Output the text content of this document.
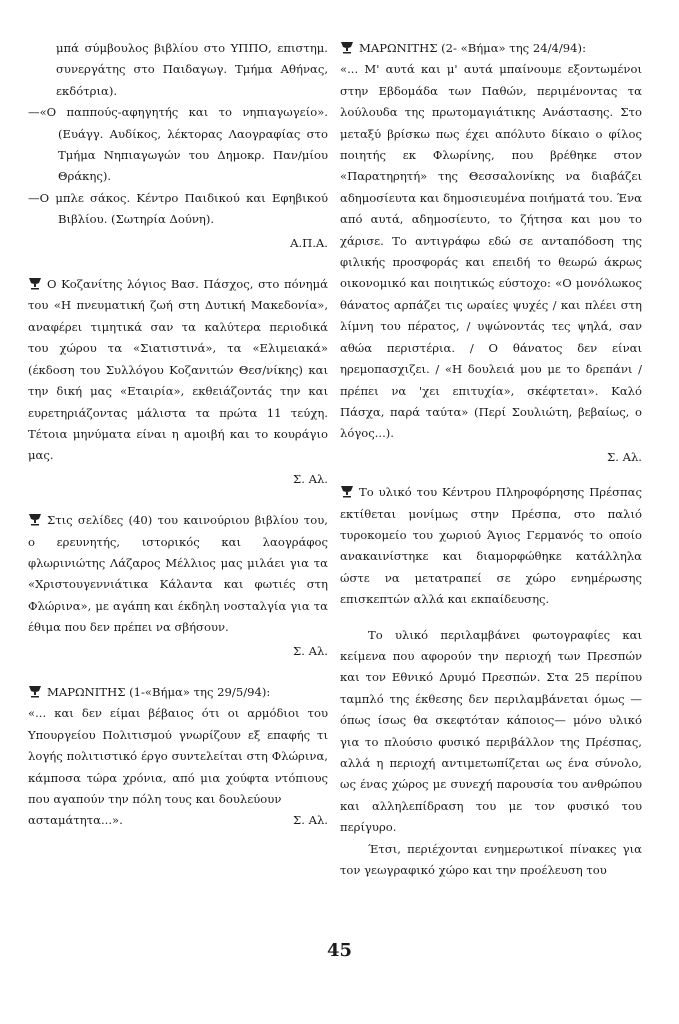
μπά σύμβουλος βιβλίου στο ΥΠΠΟ, επιστημ. συνεργάτης στο Παιδαγωγ. Τμήμα Αθήνας, εκδότρια).

—«Ο παππούς-αφηγητής και το νηπιαγωγείο». (Ευάγγ. Αυδίκος, λέκτορας Λαογραφίας στο Τμήμα Νηπιαγωγών του Δημοκρ. Παν/μίου Θράκης).

—Ο μπλε σάκος. Κέντρο Παιδικού και Εφηβικού Βιβλίου. (Σωτηρία Δούνη).

Α.Π.Α.

Ο Κοζανίτης λόγιος Βασ. Πάσχος, στο πόνημά του «Η πνευματική ζωή στη Δυτική Μακεδονία», αναφέρει τιμητικά σαν τα καλύτερα περιοδικά του χώρου τα «Σιατιστινά», τα «Ελιμειακά» (έκδοση του Συλλόγου Κοζανιτών Θεσ/νίκης) και την δική μας «Εταιρία», εκθειάζοντάς την και ευρετηριάζοντας μάλιστα τα πρώτα 11 τεύχη. Τέτοια μηνύματα είναι η αμοιβή και το κουράγιο μας.

Σ. Αλ.

Στις σελίδες (40) του καινούριου βιβλίου του, ο ερευνητής, ιστορικός και λαογράφος φλωρινιώτης Λάζαρος Μέλλιος μας μιλάει για τα «Χριστουγεννιάτικα Κάλαντα και φωτιές στη Φλώρινα», με αγάπη και έκδηλη νοσταλγία για τα έθιμα που δεν πρέπει να σβήσουν.

Σ. Αλ.

ΜΑΡΩΝΙΤΗΣ (1-«Βήμα» της 29/5/94):

«... και δεν είμαι βέβαιος ότι οι αρμόδιοι του Υπουργείου Πολιτισμού γνωρίζουν εξ επαφής τι λογής πολιτιστικό έργο συντελείται στη Φλώρινα, κάμποσα τώρα χρόνια, από μια χούφτα ντόπιους που αγαπούν την πόλη τους και δουλεύουν

ασταμάτητα...».	Σ. Αλ.

ΜΑΡΩΝΙΤΗΣ (2- «Βήμα» της 24/4/94):

«... Μ' αυτά και μ' αυτά μπαίνουμε εξοντωμένοι στην Εβδομάδα των Παθών, περιμένοντας τα λούλουδα της πρωτομαγιάτικης Ανάστασης. Στο μεταξύ βρίσκω πως έχει απόλυτο δίκαιο ο φίλος ποιητής εκ Φλωρίνης, που βρέθηκε στον «Παρατηρητή» της Θεσσαλονίκης να διαβάζει αδημοσίευτα και δημοσιευμένα ποιήματά του. Ένα από αυτά, αδημοσίευτο, το ζήτησα και μου το χάρισε. Το αντιγράφω εδώ σε ανταπόδοση της φιλικής προσφοράς και επειδή το θεωρώ άκρως οικονομικό και ποιητικώς εύστοχο: «Ο μονόλωκος θάνατος αρπάζει τις ωραίες ψυχές / και πλέει στη λίμνη του πέρατος, / υψώνοντάς τες ψηλά, σαν αθώα περιστέρια. / Ο θάνατος δεν είναι ηρεμοπασχιζει. / «Η δουλειά μου με το δρεπάνι / πρέπει να 'χει επιτυχία», σκέφτεται». Καλό Πάσχα, παρά ταύτα» (Περί Σουλιώτη, βεβαίως, ο λόγος...).

Σ. Αλ.

Το υλικό του Κέντρου Πληροφόρησης Πρέσπας εκτίθεται μονίμως στην Πρέσπα, στο παλιό τυροκομείο του χωριού Άγιος Γερμανός το οποίο ανακαινίστηκε και διαμορφώθηκε κατάλληλα ώστε να μετατραπεί σε χώρο ενημέρωσης επισκεπτών αλλά και εκπαίδευσης.

Το υλικό περιλαμβάνει φωτογραφίες και κείμενα που αφορούν την περιοχή των Πρεσπών και τον Εθνικό Δρυμό Πρεσπών. Στα 25 περίπου ταμπλό της έκθεσης δεν περιλαμβάνεται όμως —όπως ίσως θα σκεφτόταν κάποιος— μόνο υλικό για το πλούσιο φυσικό περιβάλλον της Πρέσπας, αλλά η περιοχή αντιμετωπίζεται ως ένα σύνολο, ως ένας χώρος με συνεχή παρουσία του ανθρώπου και αλληλεπίδραση του με τον φυσικό του περίγυρο.

Έτσι, περιέχονται ενημερωτικοί πίνακες για τον γεωγραφικό χώρο και την προέλευση του

45
